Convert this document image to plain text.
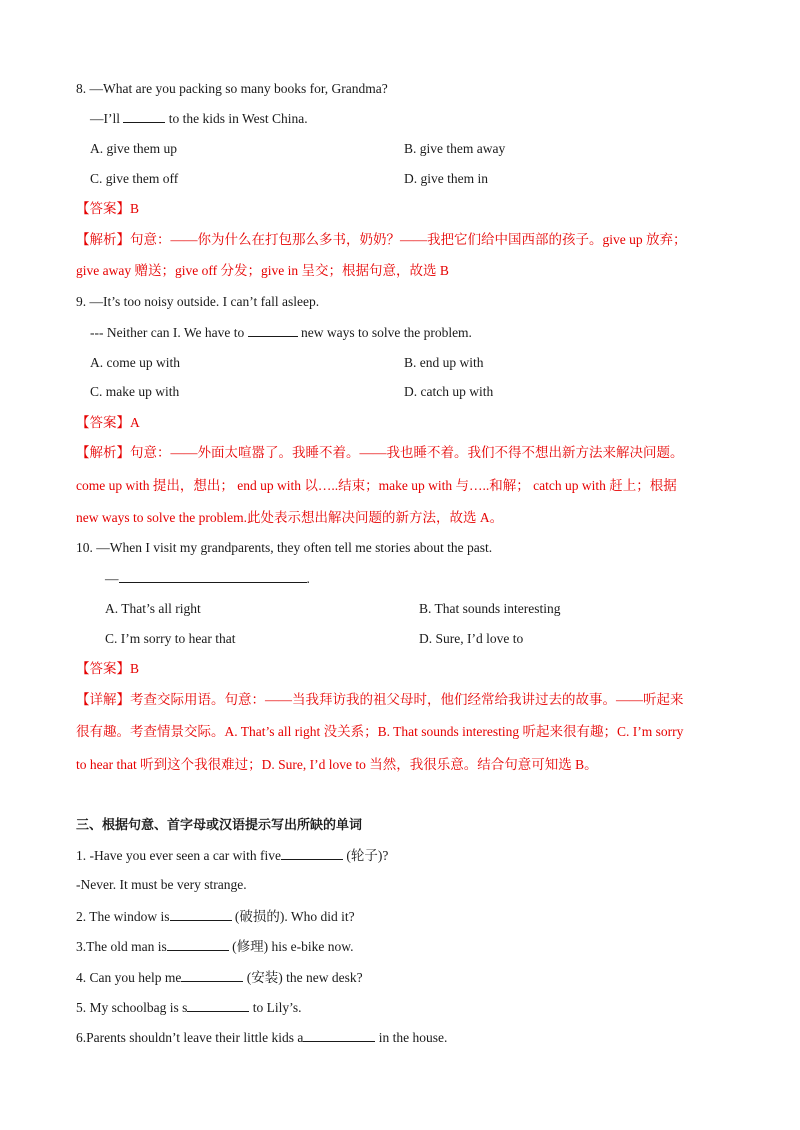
8. —What are you packing so many books for, Grandma?
—I’ll	to the kids in West China.
A. give them up	B. give them away
C. give them off	D. give them in
【答案】B
【解析】句意：——你为什么在打包那么多书，奶奶？——我把它们给中国西部的孩子。give up 放弃；
give away 赠送；give off 分发；give in 呈交；根据句意，故选 B
9. —It’s too noisy outside. I can’t fall asleep.
--- Neither can I. We have to	new ways to solve the problem.
A. come up with	B. end up with
C. make up with	D. catch up with
【答案】A
【解析】句意：——外面太喧嚣了。我睡不着。——我也睡不着。我们不得不想出新方法来解决问题。
come up with 提出，想出； end up with 以…..结束；make up with 与…..和解； catch up with 赶上；根据
new ways to solve the problem.此处表示想出解决问题的新方法，故选 A。
10. —When I visit my grandparents, they often tell me stories about the past.
—	.
A. That’s all right	B. That sounds interesting
C. I’m sorry to hear that	D. Sure, I’d love to
【答案】B
【详解】考查交际用语。句意：——当我拜访我的祖父母时，他们经常给我讲过去的故事。——听起来
很有趣。考查情景交际。A. That’s all right 没关系；B. That sounds interesting 听起来很有趣；C. I’m sorry
to hear that 听到这个我很难过；D. Sure, I’d love to 当然，我很乐意。结合句意可知选 B。
三、根据句意、首字母或汉语提示写出所缺的单词
1. -Have you ever seen a car with five	(轮子)?
-Never. It must be very strange.
2. The window is	(破损的). Who did it?
3.The old man is	(修理) his e-bike now.
4. Can you help me	(安装) the new desk?
5. My schoolbag is s	to Lily’s.
6.Parents shouldn’t leave their little kids a	in the house.
